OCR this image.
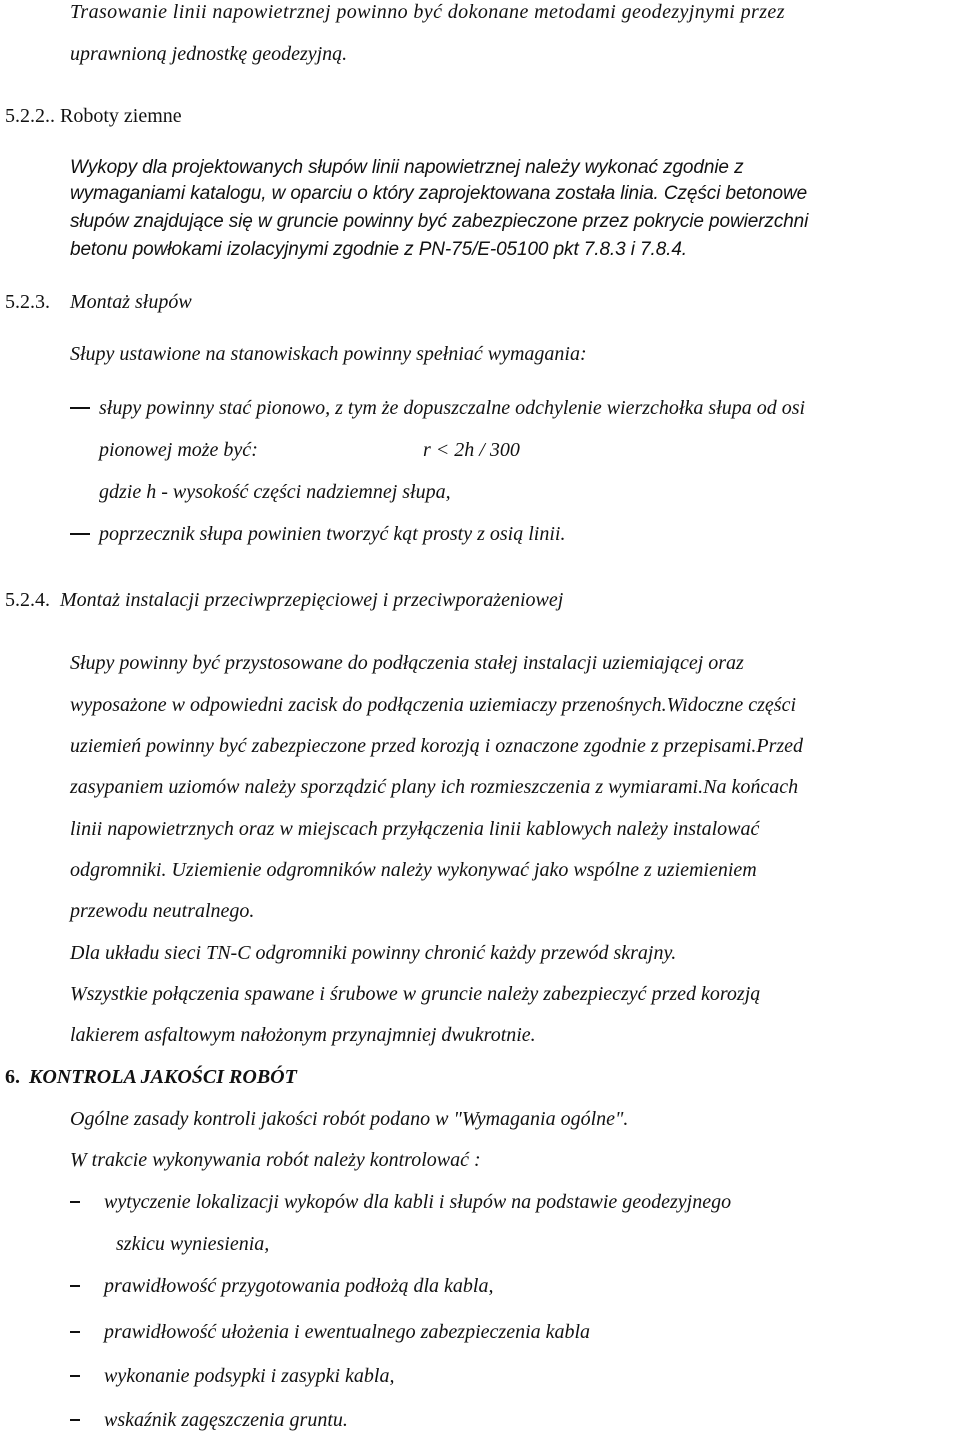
Trasowanie linii napowietrznej powinno być dokonane metodami geodezyjnymi przez
uprawnioną jednostkę geodezyjną.
5.2.2.. Roboty ziemne
Wykopy dla projektowanych słupów linii napowietrznej należy wykonać zgodnie z
wymaganiami katalogu, w oparciu o który zaprojektowana została linia. Części betonowe
słupów znajdujące się w gruncie powinny być zabezpieczone przez pokrycie powierzchni
betonu powłokami izolacyjnymi zgodnie z PN-75/E-05100 pkt 7.8.3 i 7.8.4.
5.2.3. Montaż słupów
Słupy ustawione na stanowiskach powinny spełniać wymagania:
słupy powinny stać pionowo, z tym że dopuszczalne odchylenie wierzchołka słupa od osi
pionowej może być:	r < 2h / 300
gdzie h - wysokość części nadziemnej słupa,
poprzecznik słupa powinien tworzyć kąt prosty z osią linii.
5.2.4. Montaż instalacji przeciwprzepięciowej i przeciwporażeniowej
Słupy powinny być przystosowane do podłączenia stałej instalacji uziemiającej oraz
wyposażone w odpowiedni zacisk do podłączenia uziemiaczy przenośnych.Widoczne części
uziemień powinny być zabezpieczone przed korozją i oznaczone zgodnie z przepisami.Przed
zasypaniem uziomów należy sporządzić plany ich rozmieszczenia z wymiarami.Na końcach
linii napowietrznych oraz w miejscach przyłączenia linii kablowych należy instalować
odgromniki. Uziemienie odgromników należy wykonywać jako wspólne z uziemieniem
przewodu neutralnego.
Dla układu sieci TN-C odgromniki powinny chronić każdy przewód skrajny.
Wszystkie połączenia spawane i śrubowe w gruncie należy zabezpieczyć przed korozją
lakierem asfaltowym nałożonym przynajmniej dwukrotnie.
6. KONTROLA JAKOŚCI ROBÓT
Ogólne zasady kontroli jakości robót podano w "Wymagania ogólne".
W trakcie wykonywania robót należy kontrolować :
wytyczenie lokalizacji wykopów dla kabli i słupów na podstawie geodezyjnego
szkicu wyniesienia,
prawidłowość przygotowania podłożą dla kabla,
prawidłowość ułożenia i ewentualnego zabezpieczenia kabla
wykonanie podsypki i zasypki kabla,
wskaźnik zagęszczenia gruntu.
